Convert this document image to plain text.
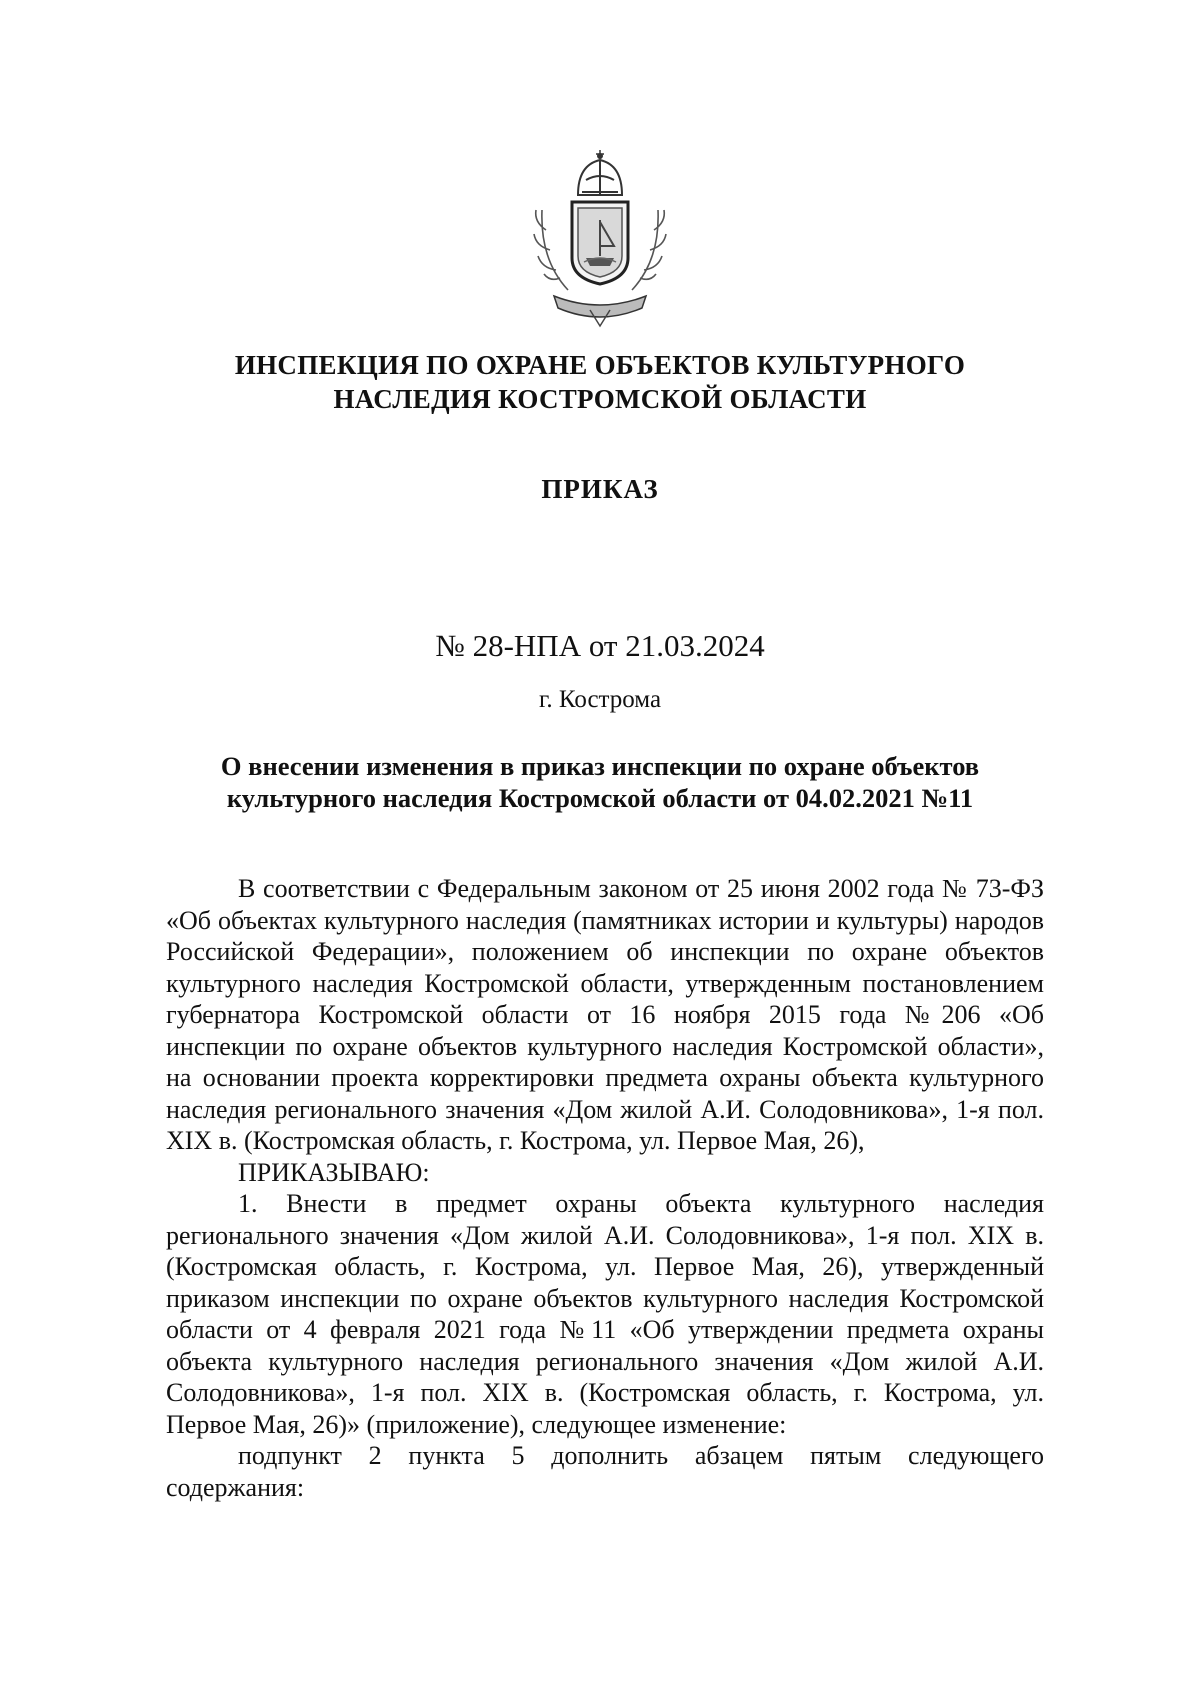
ИНСПЕКЦИЯ ПО ОХРАНЕ ОБЪЕКТОВ КУЛЬТУРНОГО
НАСЛЕДИЯ КОСТРОМСКОЙ ОБЛАСТИ
ПРИКАЗ
№ 28-НПА от 21.03.2024
г. Кострома
О внесении изменения в приказ инспекции по охране объектов
культурного наследия Костромской области от 04.02.2021 №11

В соответствии с Федеральным законом от 25 июня 2002 года № 73-ФЗ «Об объектах культурного наследия (памятниках истории и культуры) народов Российской Федерации», положением об инспекции по охране объектов культурного наследия Костромской области, утвержденным постановлением губернатора Костромской области от 16 ноября 2015 года №206 «Об инспекции по охране объектов культурного наследия Костромской области», на основании проекта корректировки предмета охраны объекта культурного наследия регионального значения «Дом жилой А.И. Солодовникова», 1-я пол. XIX в. (Костромская область, г. Кострома, ул. Первое Мая, 26),

ПРИКАЗЫВАЮ:

1. Внести в предмет охраны объекта культурного наследия регионального значения «Дом жилой А.И. Солодовникова», 1-я пол. XIX в. (Костромская область, г. Кострома, ул. Первое Мая, 26), утвержденный приказом инспекции по охране объектов культурного наследия Костромской области от 4 февраля 2021 года №11 «Об утверждении предмета охраны объекта культурного наследия регионального значения «Дом жилой А.И. Солодовникова», 1-я пол. XIX в. (Костромская область, г. Кострома, ул. Первое Мая, 26)» (приложение), следующее изменение:

подпункт 2 пункта 5 дополнить абзацем пятым следующего содержания:
